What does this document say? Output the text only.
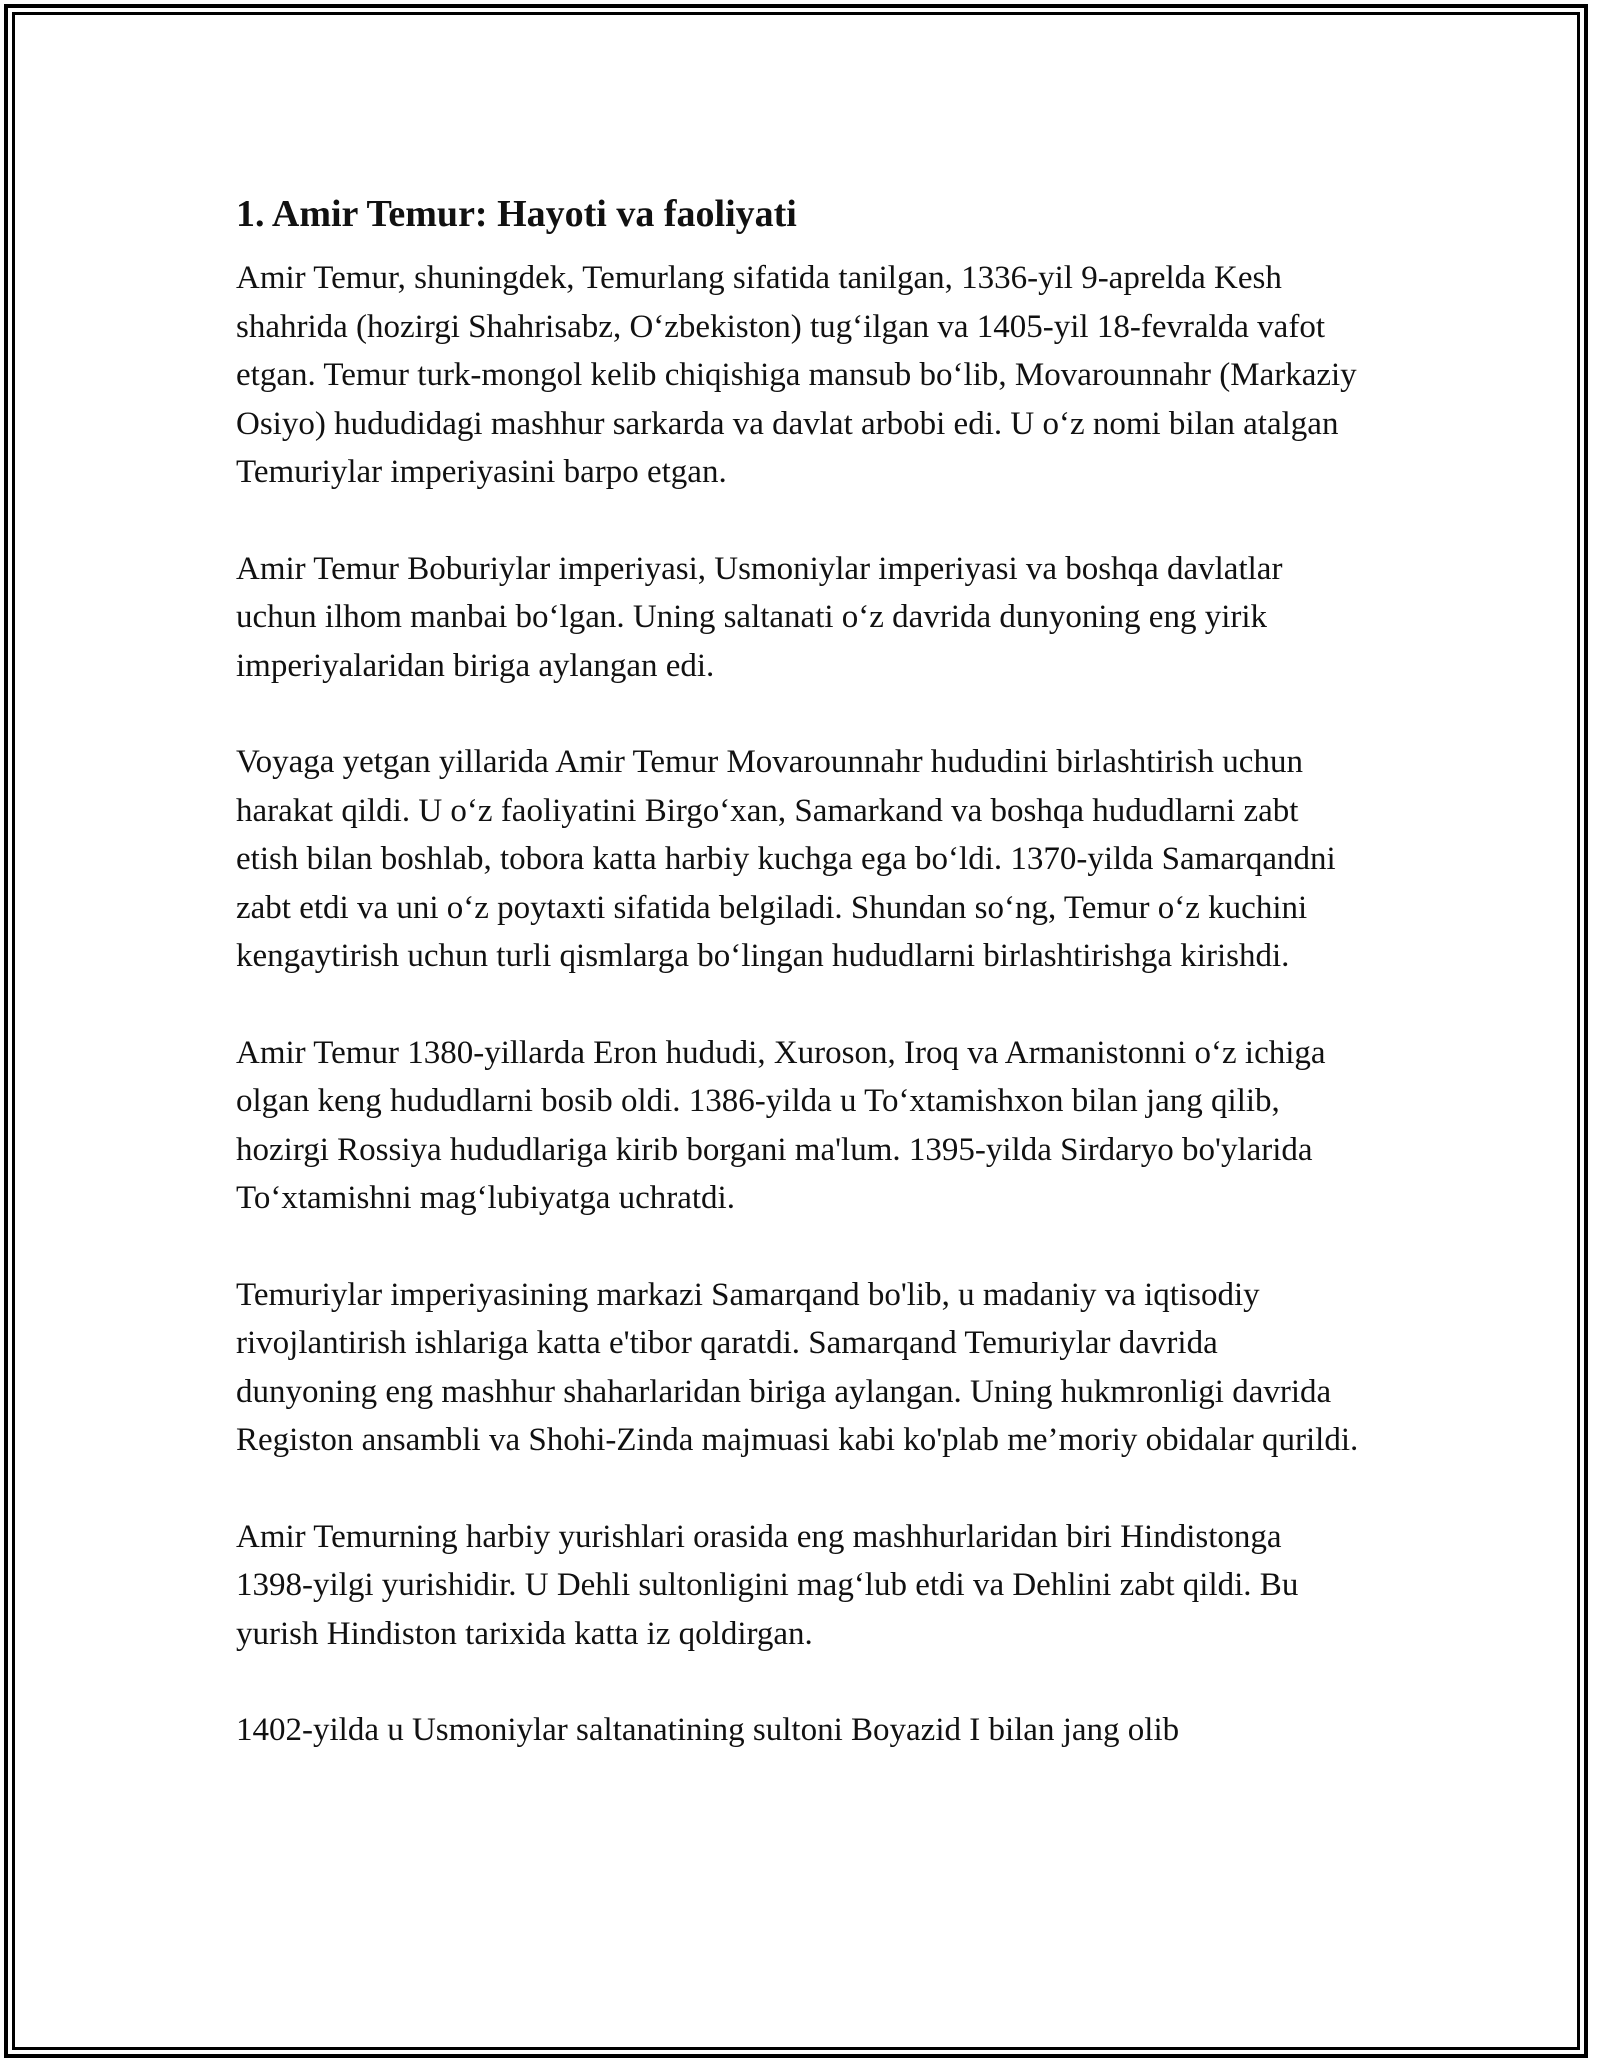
1. Amir Temur: Hayoti va faoliyati

Amir Temur, shuningdek, Temurlang sifatida tanilgan, 1336-yil 9-aprelda Kesh shahrida (hozirgi Shahrisabz, O‘zbekiston) tug‘ilgan va 1405-yil 18-fevralda vafot etgan. Temur turk-mongol kelib chiqishiga mansub bo‘lib, Movarounnahr (Markaziy Osiyo) hududidagi mashhur sarkarda va davlat arbobi edi. U o‘z nomi bilan atalgan Temuriylar imperiyasini barpo etgan.

Amir Temur Boburiylar imperiyasi, Usmoniylar imperiyasi va boshqa davlatlar uchun ilhom manbai bo‘lgan. Uning saltanati o‘z davrida dunyoning eng yirik imperiyalaridan biriga aylangan edi.

Voyaga yetgan yillarida Amir Temur Movarounnahr hududini birlashtirish uchun harakat qildi. U o‘z faoliyatini Birgo‘xan, Samarkand va boshqa hududlarni zabt etish bilan boshlab, tobora katta harbiy kuchga ega bo‘ldi. 1370-yilda Samarqandni zabt etdi va uni o‘z poytaxti sifatida belgiladi. Shundan so‘ng, Temur o‘z kuchini kengaytirish uchun turli qismlarga bo‘lingan hududlarni birlashtirishga kirishdi.

Amir Temur 1380-yillarda Eron hududi, Xuroson, Iroq va Armanistonni o‘z ichiga olgan keng hududlarni bosib oldi. 1386-yilda u To‘xtamishxon bilan jang qilib, hozirgi Rossiya hududlariga kirib borgani ma'lum. 1395-yilda Sirdaryo bo'ylarida To‘xtamishni mag‘lubiyatga uchratdi.

Temuriylar imperiyasining markazi Samarqand bo'lib, u madaniy va iqtisodiy rivojlantirish ishlariga katta e'tibor qaratdi. Samarqand Temuriylar davrida dunyoning eng mashhur shaharlaridan biriga aylangan. Uning hukmronligi davrida Registon ansambli va Shohi-Zinda majmuasi kabi ko'plab me’moriy obidalar qurildi.

Amir Temurning harbiy yurishlari orasida eng mashhurlaridan biri Hindistonga 1398-yilgi yurishidir. U Dehli sultonligini mag‘lub etdi va Dehlini zabt qildi. Bu yurish Hindiston tarixida katta iz qoldirgan.

1402-yilda u Usmoniylar saltanatining sultoni Boyazid I bilan jang olib
